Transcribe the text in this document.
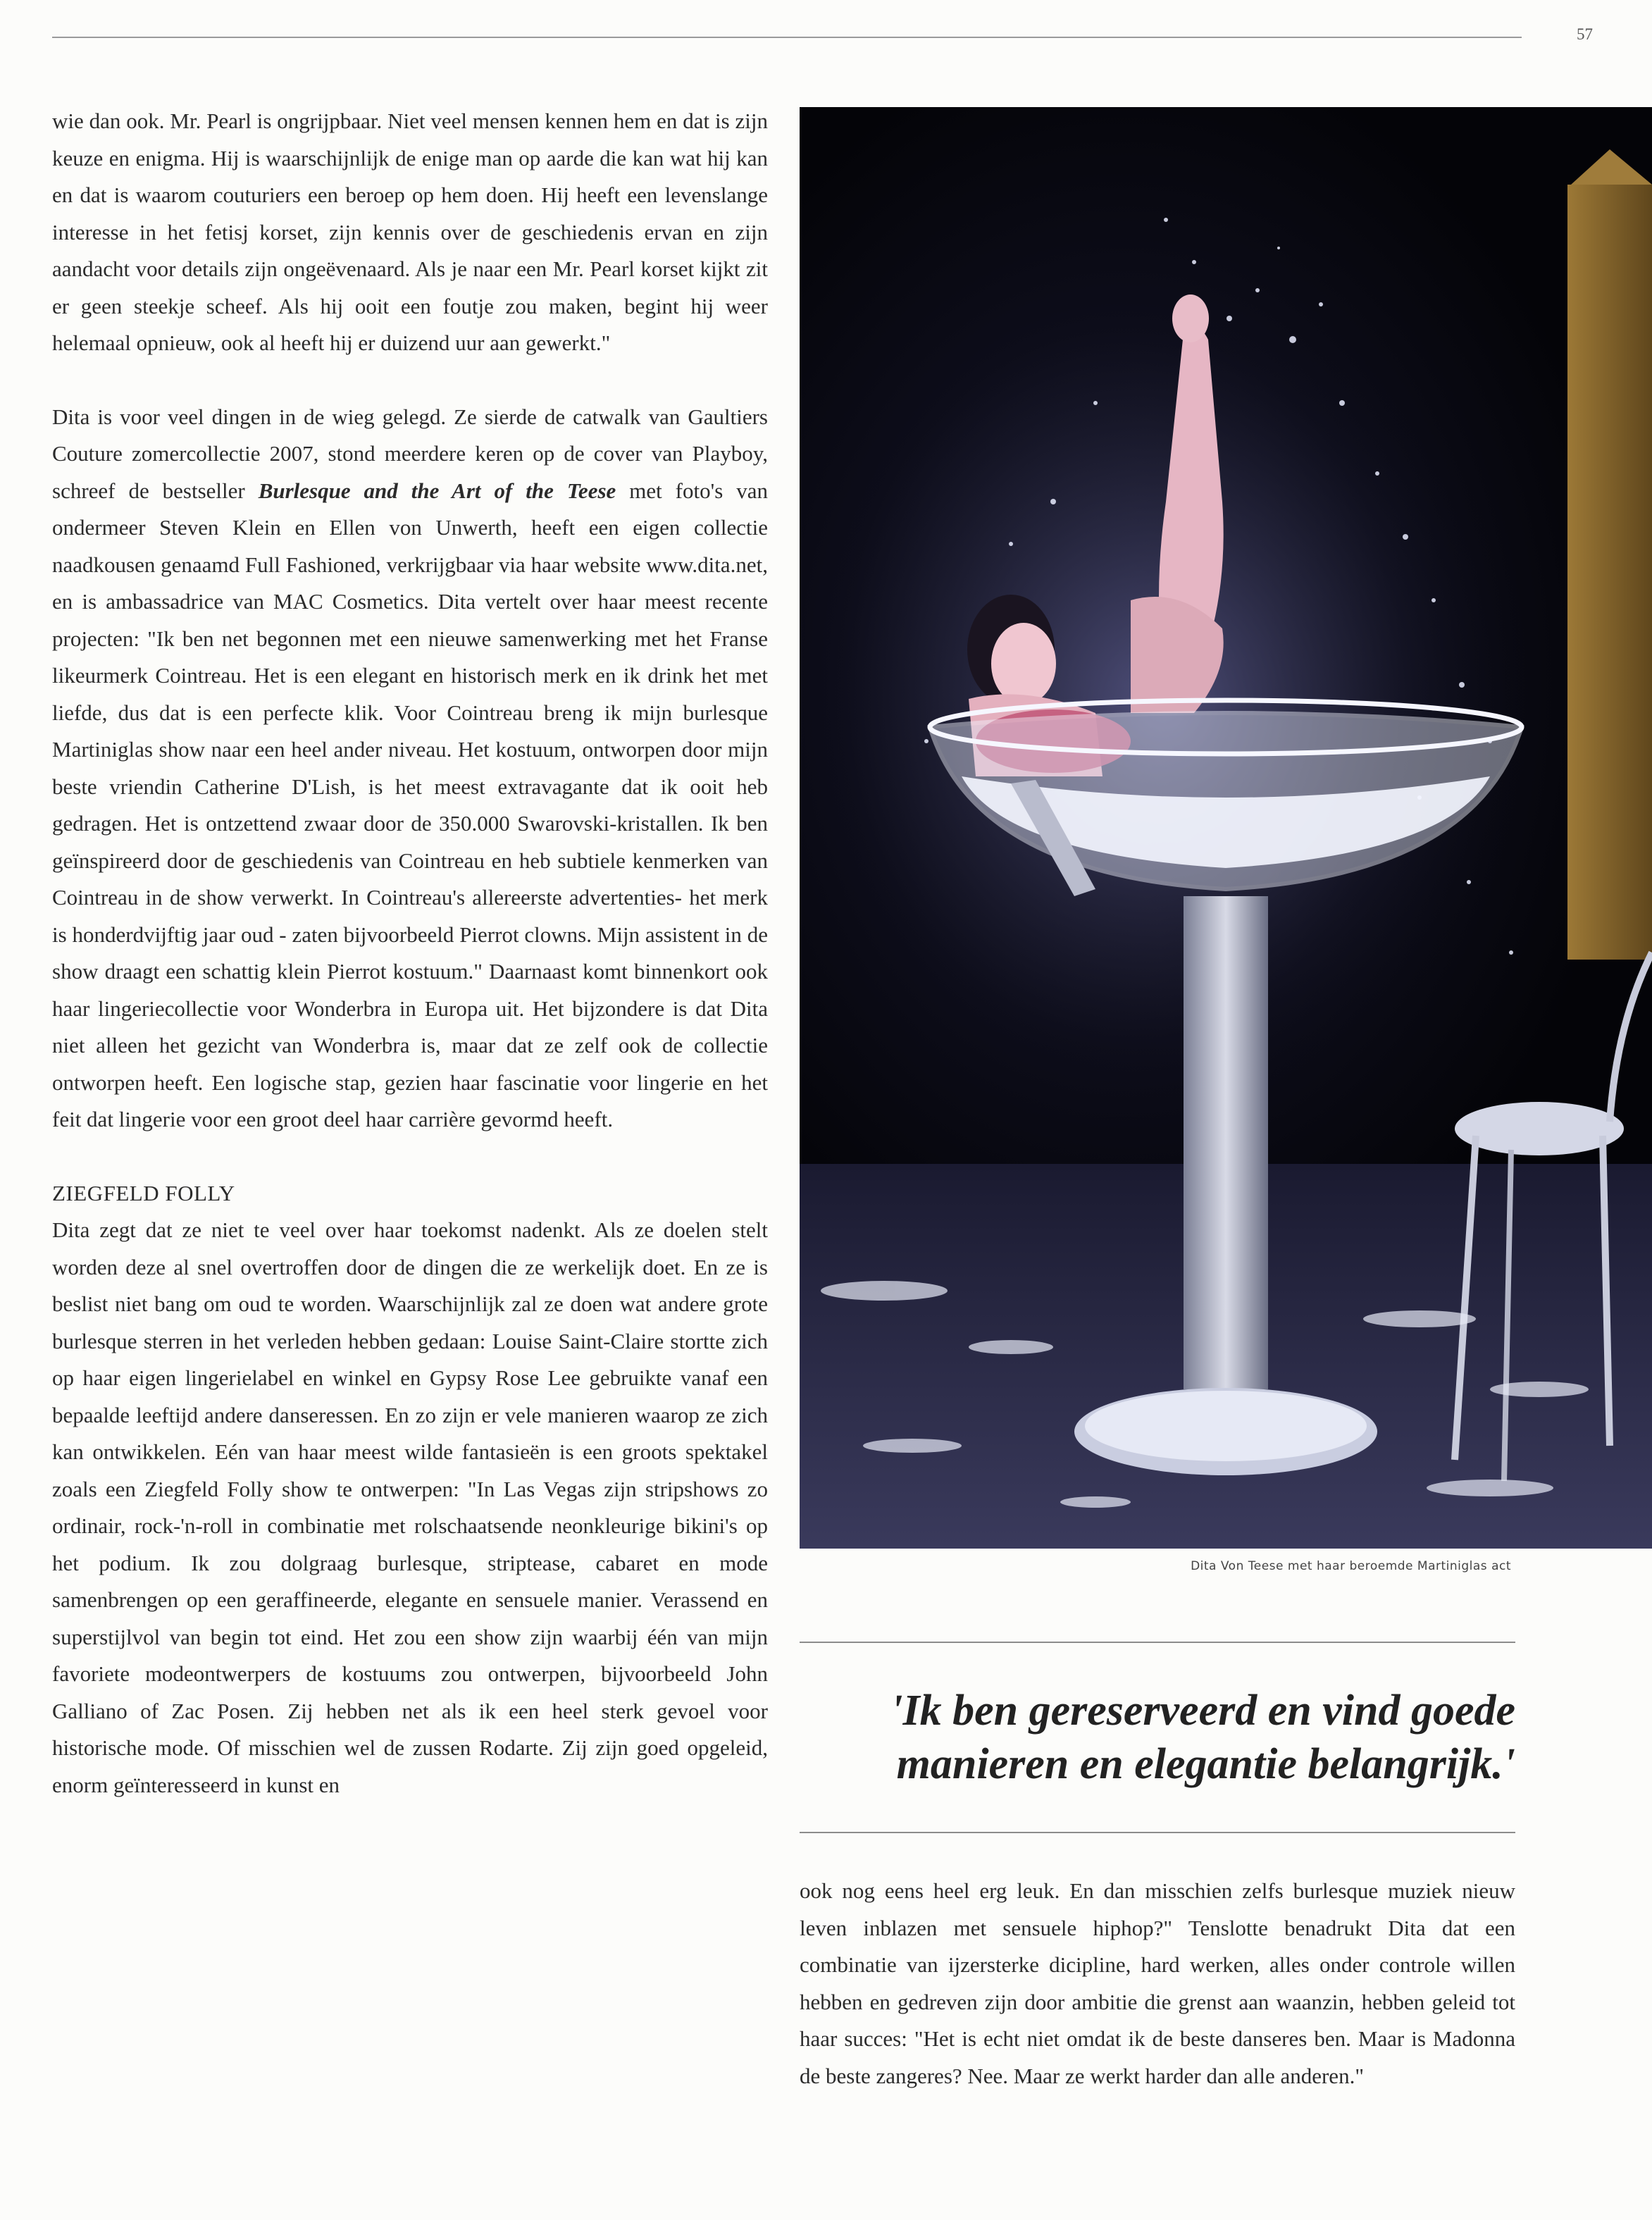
57

wie dan ook. Mr. Pearl is ongrijpbaar. Niet veel mensen kennen hem en dat is zijn keuze en enigma. Hij is waarschijnlijk de enige man op aarde die kan wat hij kan en dat is waarom couturiers een beroep op hem doen. Hij heeft een levenslange interesse in het fetisj korset, zijn kennis over de geschiedenis ervan en zijn aandacht voor details zijn ongeëvenaard. Als je naar een Mr. Pearl korset kijkt zit er geen steekje scheef. Als hij ooit een foutje zou maken, begint hij weer helemaal opnieuw, ook al heeft hij er duizend uur aan gewerkt."

Dita is voor veel dingen in de wieg gelegd. Ze sierde de catwalk van Gaultiers Couture zomercollectie 2007, stond meerdere keren op de cover van Playboy, schreef de bestseller Burlesque and the Art of the Teese met foto's van ondermeer Steven Klein en Ellen von Unwerth, heeft een eigen collectie naadkousen genaamd Full Fashioned, verkrijgbaar via haar website www.dita.net, en is ambassadrice van MAC Cosmetics. Dita vertelt over haar meest recente projecten: "Ik ben net begonnen met een nieuwe samenwerking met het Franse likeurmerk Cointreau. Het is een elegant en historisch merk en ik drink het met liefde, dus dat is een perfecte klik. Voor Cointreau breng ik mijn burlesque Martiniglas show naar een heel ander niveau. Het kostuum, ontworpen door mijn beste vriendin Catherine D'Lish, is het meest extravagante dat ik ooit heb gedragen. Het is ontzettend zwaar door de 350.000 Swarovski-kristallen. Ik ben geïnspireerd door de geschiedenis van Cointreau en heb subtiele kenmerken van Cointreau in de show verwerkt. In Cointreau's allereerste advertenties- het merk is honderdvijftig jaar oud - zaten bijvoorbeeld Pierrot clowns. Mijn assistent in de show draagt een schattig klein Pierrot kostuum." Daarnaast komt binnenkort ook haar lingeriecollectie voor Wonderbra in Europa uit. Het bijzondere is dat Dita niet alleen het gezicht van Wonderbra is, maar dat ze zelf ook de collectie ontworpen heeft. Een logische stap, gezien haar fascinatie voor lingerie en het feit dat lingerie voor een groot deel haar carrière gevormd heeft.

ZIEGFELD FOLLY

Dita zegt dat ze niet te veel over haar toekomst nadenkt. Als ze doelen stelt worden deze al snel overtroffen door de dingen die ze werkelijk doet. En ze is beslist niet bang om oud te worden. Waarschijnlijk zal ze doen wat andere grote burlesque sterren in het verleden hebben gedaan: Louise Saint-Claire stortte zich op haar eigen lingerielabel en winkel en Gypsy Rose Lee gebruikte vanaf een bepaalde leeftijd andere danseressen. En zo zijn er vele manieren waarop ze zich kan ontwikkelen. Eén van haar meest wilde fantasieën is een groots spektakel zoals een Ziegfeld Folly show te ontwerpen: "In Las Vegas zijn stripshows zo ordinair, rock-'n-roll in combinatie met rolschaatsende neonkleurige bikini's op het podium. Ik zou dolgraag burlesque, striptease, cabaret en mode samenbrengen op een geraffineerde, elegante en sensuele manier. Verassend en superstijlvol van begin tot eind. Het zou een show zijn waarbij één van mijn favoriete modeontwerpers de kostuums zou ontwerpen, bijvoorbeeld John Galliano of Zac Posen. Zij hebben net als ik een heel sterk gevoel voor historische mode. Of misschien wel de zussen Rodarte. Zij zijn goed opgeleid, enorm geïnteresseerd in kunst en

Dita Von Teese met haar beroemde Martiniglas act
'Ik ben gereserveerd en vind goede manieren en elegantie belangrijk.'

ook nog eens heel erg leuk. En dan misschien zelfs burlesque muziek nieuw leven inblazen met sensuele hiphop?" Tenslotte benadrukt Dita dat een combinatie van ijzersterke dicipline, hard werken, alles onder controle willen hebben en gedreven zijn door ambitie die grenst aan waanzin, hebben geleid tot haar succes: "Het is echt niet omdat ik de beste danseres ben. Maar is Madonna de beste zangeres? Nee. Maar ze werkt harder dan alle anderen."
